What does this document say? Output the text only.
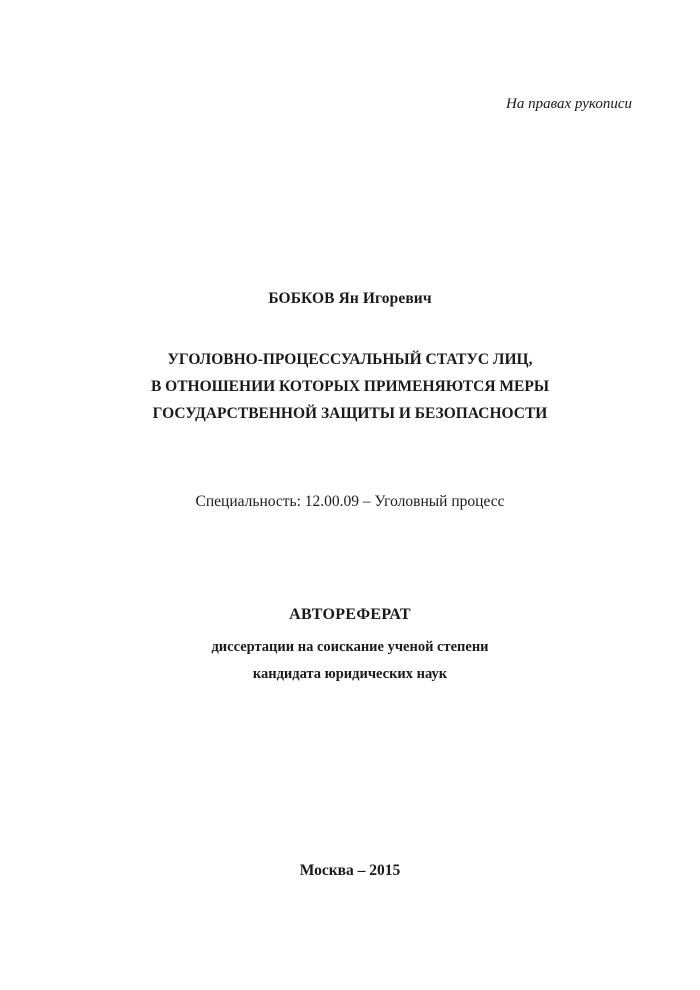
На правах рукописи

БОБКОВ Ян Игоревич

УГОЛОВНО-ПРОЦЕССУАЛЬНЫЙ СТАТУС ЛИЦ,
В ОТНОШЕНИИ КОТОРЫХ ПРИМЕНЯЮТСЯ МЕРЫ
ГОСУДАРСТВЕННОЙ ЗАЩИТЫ И БЕЗОПАСНОСТИ

Специальность: 12.00.09 – Уголовный процесс

АВТОРЕФЕРАТ

диссертации на соискание ученой степени
кандидата юридических наук

Москва – 2015
